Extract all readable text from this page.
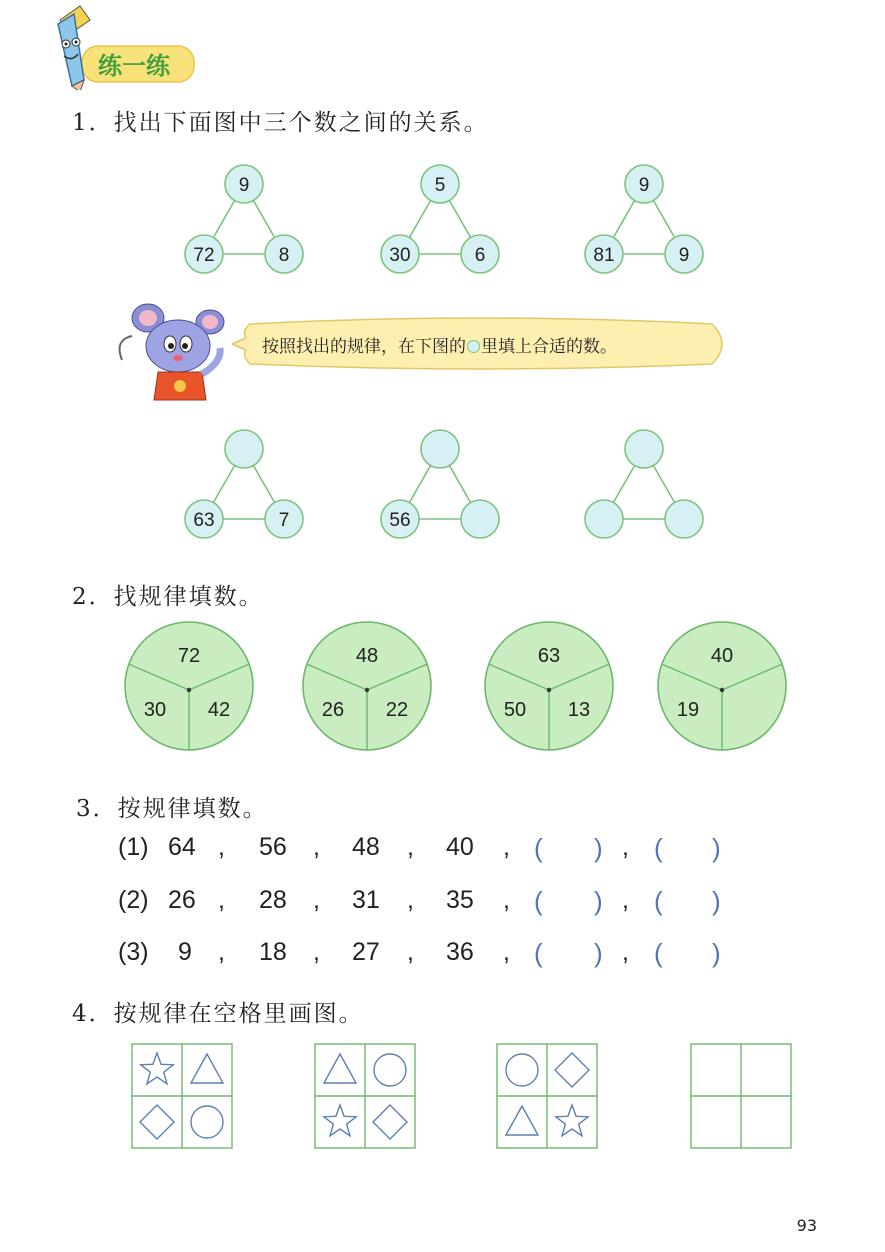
练一练
1．找出下面图中三个数之间的关系。
9
72	8
5
30	6
9
81	9
按照找出的规律，在下图的 里填上合适的数。
63	7	56
2．找规律填数。
72
30 42
48
26 22
63
50 13
40
19
3．按规律填数。
(1) 64 , 56 , 48 , 40 , ( ) , ( )
(2) 26 , 28 , 31 , 35 , ( ) , ( )
(3) 9 , 18 , 27 , 36 , ( ) , ( )
4．按规律在空格里画图。
93
